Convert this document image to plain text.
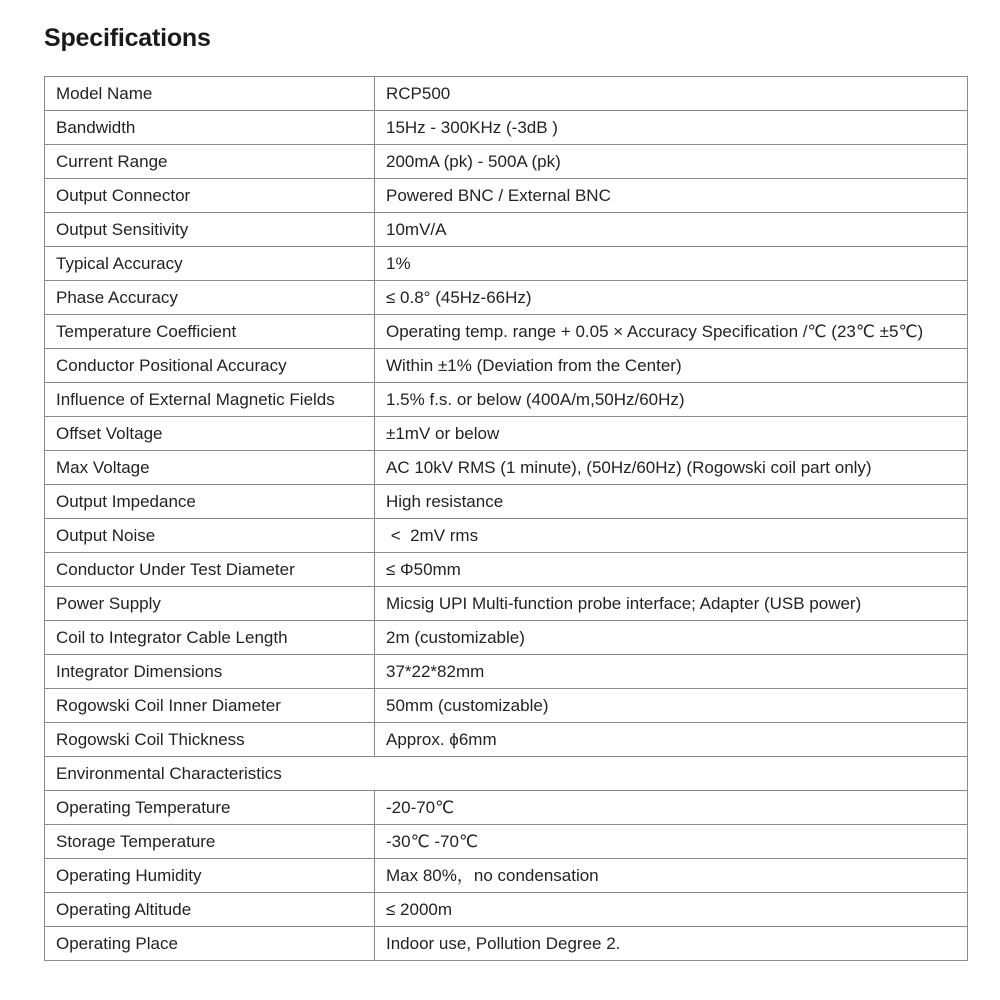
Specifications
Model Name	RCP500
Bandwidth	15Hz - 300KHz (-3dB )
Current Range	200mA (pk) - 500A (pk)
Output Connector	Powered BNC / External BNC
Output Sensitivity	10mV/A
Typical Accuracy	1%
Phase Accuracy	≤ 0.8° (45Hz-66Hz)
Temperature Coefficient	Operating temp. range + 0.05 × Accuracy Specification /℃ (23℃ ±5℃)
Conductor Positional Accuracy	Within ±1% (Deviation from the Center)
Influence of External Magnetic Fields	1.5% f.s. or below (400A/m,50Hz/60Hz)
Offset Voltage	±1mV or below
Max Voltage	AC 10kV RMS (1 minute), (50Hz/60Hz) (Rogowski coil part only)
Output Impedance	High resistance
Output Noise	<  2mV rms
Conductor Under Test Diameter	≤ Φ50mm
Power Supply	Micsig UPI Multi-function probe interface; Adapter (USB power)
Coil to Integrator Cable Length	2m (customizable)
Integrator Dimensions	37*22*82mm
Rogowski Coil Inner Diameter	50mm (customizable)
Rogowski Coil Thickness	Approx. ϕ6mm
Environmental Characteristics	
Operating Temperature	-20-70℃
Storage Temperature	-30℃ -70℃
Operating Humidity	Max 80%，no condensation
Operating Altitude	≤ 2000m
Operating Place	Indoor use, Pollution Degree 2.
